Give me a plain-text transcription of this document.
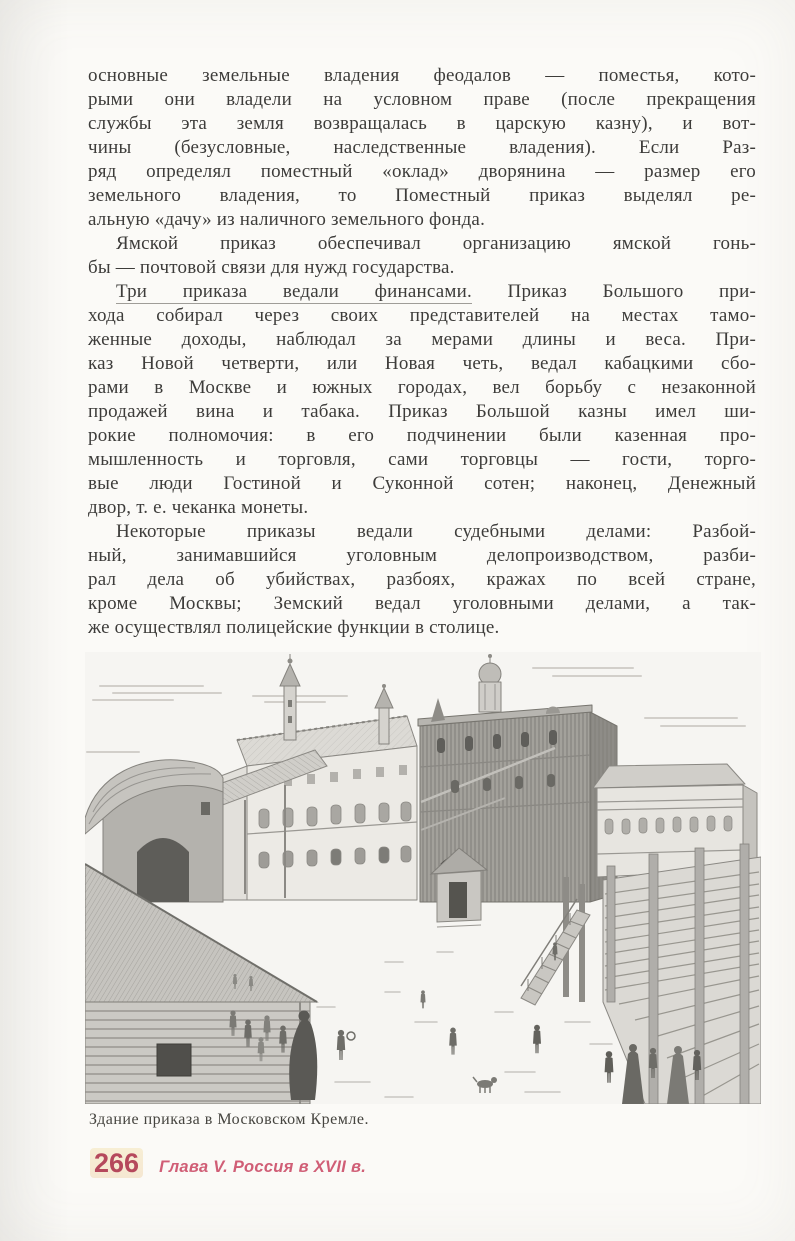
основные земельные владения феодалов — поместья, кото-
рыми они владели на условном праве (после прекращения
службы эта земля возвращалась в царскую казну), и вот-
чины (безусловные, наследственные владения). Если Раз-
ряд определял поместный «оклад» дворянина — размер его
земельного владения, то Поместный приказ выделял ре-
альную «дачу» из наличного земельного фонда.
Ямской приказ обеспечивал организацию ямской гонь-
бы — почтовой связи для нужд государства.
Три приказа ведали финансами. Приказ Большого при-
хода собирал через своих представителей на местах тамо-
женные доходы, наблюдал за мерами длины и веса. При-
каз Новой четверти, или Новая четь, ведал кабацкими сбо-
рами в Москве и южных городах, вел борьбу с незаконной
продажей вина и табака. Приказ Большой казны имел ши-
рокие полномочия: в его подчинении были казенная про-
мышленность и торговля, сами торговцы — гости, торго-
вые люди Гостиной и Суконной сотен; наконец, Денежный
двор, т. е. чеканка монеты.
Некоторые приказы ведали судебными делами: Разбой-
ный, занимавшийся уголовным делопроизводством, разби-
рал дела об убийствах, разбоях, кражах по всей стране,
кроме Москвы; Земский ведал уголовными делами, а так-
же осуществлял полицейские функции в столице.
Здание приказа в Московском Кремле.
266 Глава V. Россия в XVII в.
